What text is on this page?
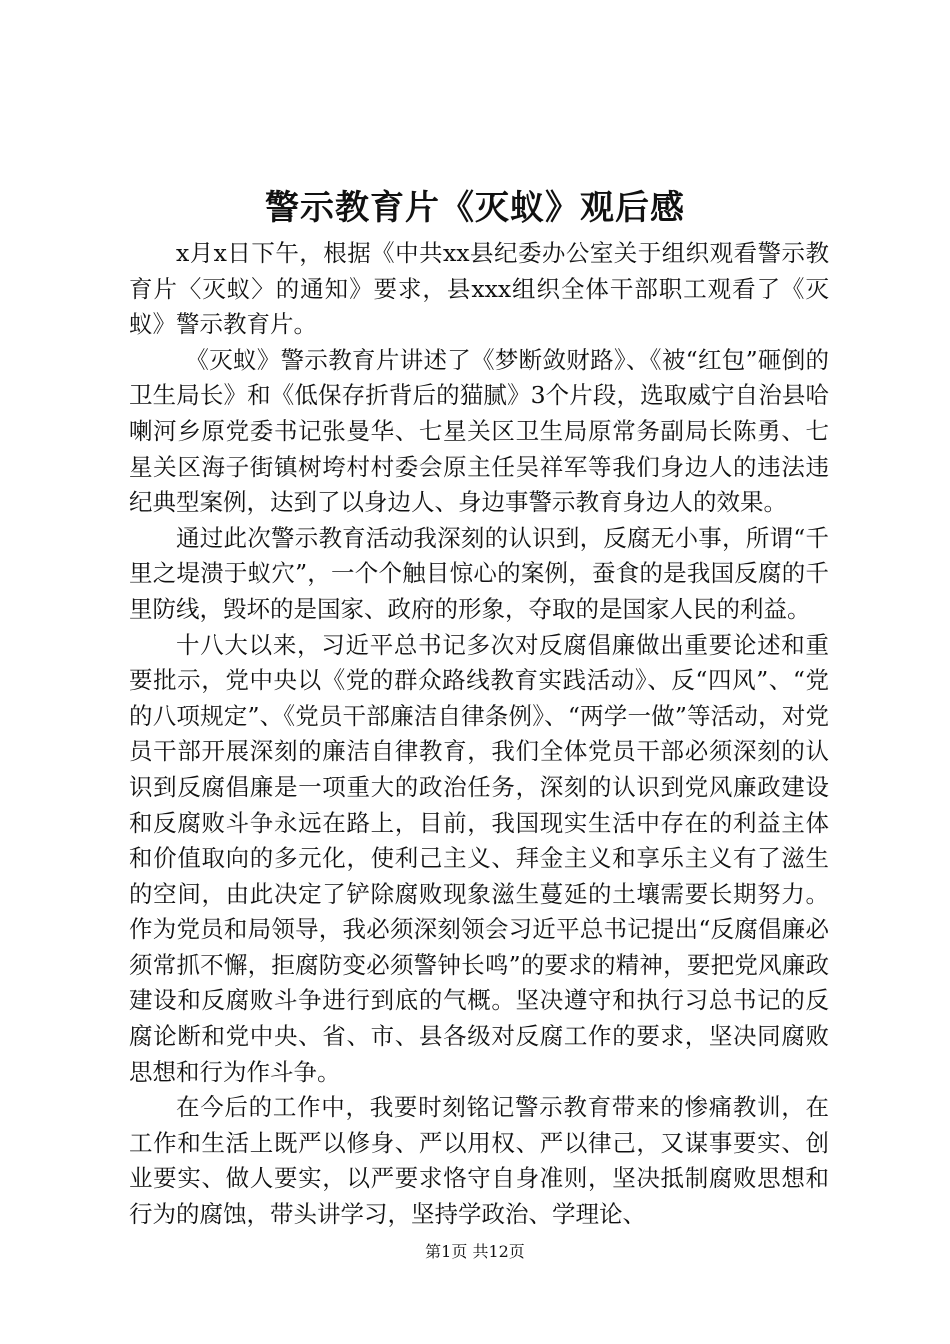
警示教育片《灭蚁》观后感

x月x日下午，根据《中共xx县纪委办公室关于组织观看警示教育片〈灭蚁〉的通知》要求，县xxx组织全体干部职工观看了《灭蚁》警示教育片。

《灭蚁》警示教育片讲述了《梦断敛财路》、《被“红包”砸倒的卫生局长》和《低保存折背后的猫腻》3个片段，选取威宁自治县哈喇河乡原党委书记张曼华、七星关区卫生局原常务副局长陈勇、七星关区海子街镇树垮村村委会原主任吴祥军等我们身边人的违法违纪典型案例，达到了以身边人、身边事警示教育身边人的效果。

通过此次警示教育活动我深刻的认识到，反腐无小事，所谓“千里之堤溃于蚁穴”，一个个触目惊心的案例，蚕食的是我国反腐的千里防线，毁坏的是国家、政府的形象，夺取的是国家人民的利益。

十八大以来，习近平总书记多次对反腐倡廉做出重要论述和重要批示，党中央以《党的群众路线教育实践活动》、反“四风”、“党的八项规定”、《党员干部廉洁自律条例》、“两学一做”等活动，对党员干部开展深刻的廉洁自律教育，我们全体党员干部必须深刻的认识到反腐倡廉是一项重大的政治任务，深刻的认识到党风廉政建设和反腐败斗争永远在路上，目前，我国现实生活中存在的利益主体和价值取向的多元化，使利己主义、拜金主义和享乐主义有了滋生的空间，由此决定了铲除腐败现象滋生蔓延的土壤需要长期努力。作为党员和局领导，我必须深刻领会习近平总书记提出“反腐倡廉必须常抓不懈，拒腐防变必须警钟长鸣”的要求的精神，要把党风廉政建设和反腐败斗争进行到底的气概。坚决遵守和执行习总书记的反腐论断和党中央、省、市、县各级对反腐工作的要求，坚决同腐败思想和行为作斗争。

在今后的工作中，我要时刻铭记警示教育带来的惨痛教训，在工作和生活上既严以修身、严以用权、严以律己，又谋事要实、创业要实、做人要实，以严要求恪守自身准则，坚决抵制腐败思想和行为的腐蚀，带头讲学习，坚持学政治、学理论、

第1页 共12页
